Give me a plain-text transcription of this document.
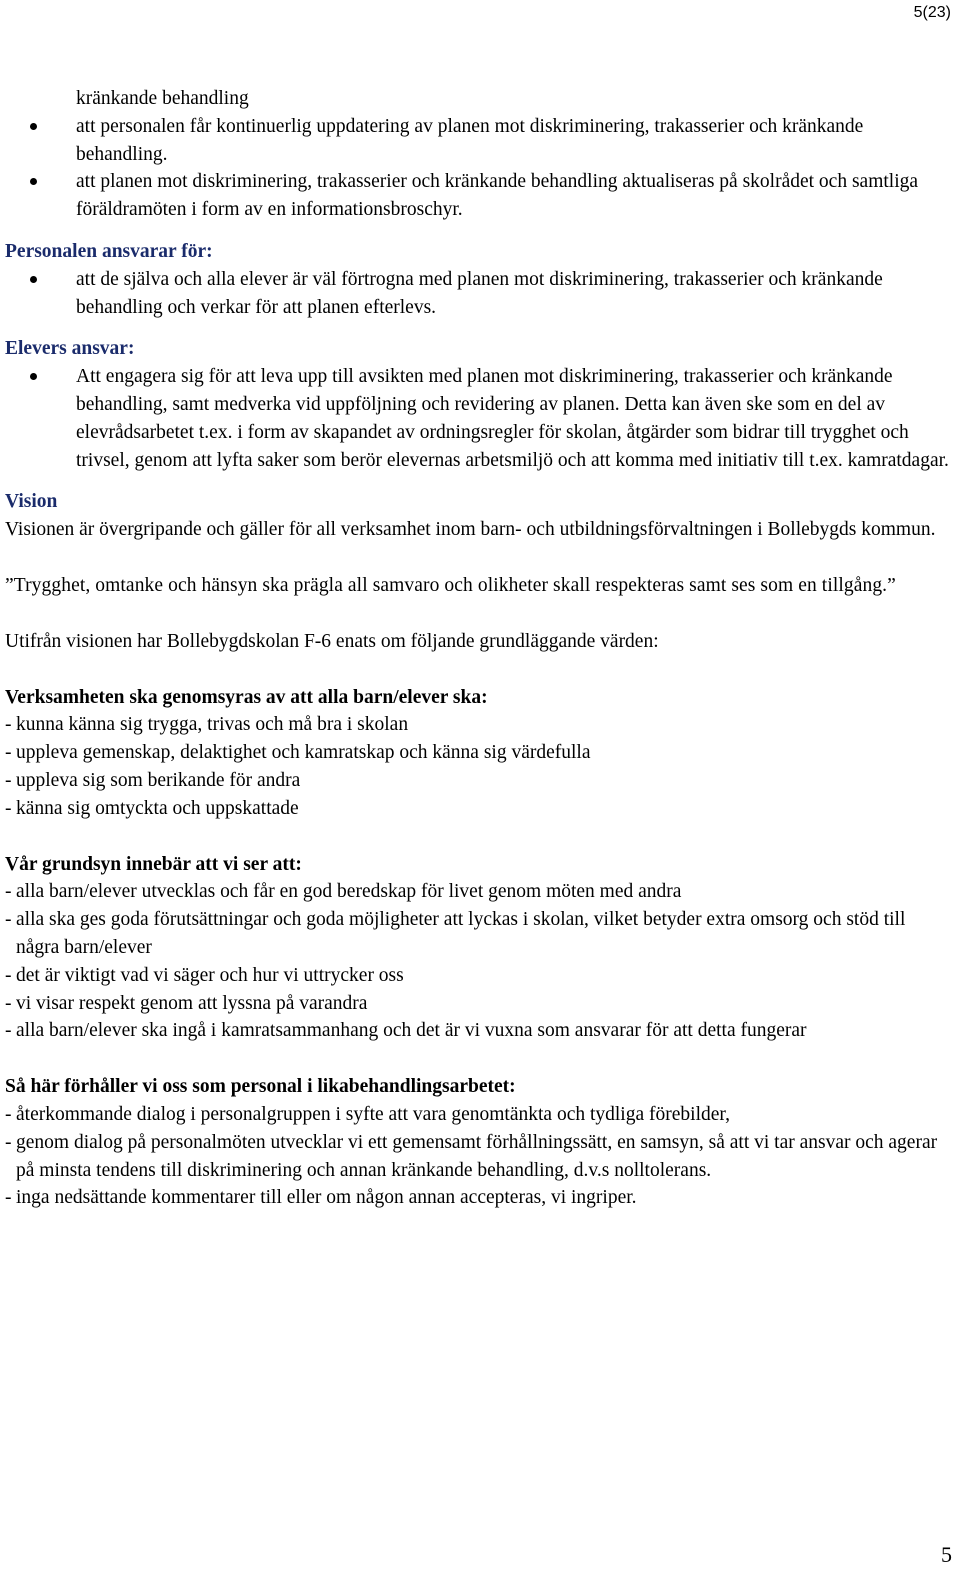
5(23)
kränkande behandling
att personalen får kontinuerlig uppdatering av planen mot diskriminering, trakasserier och kränkande behandling.
att planen mot diskriminering, trakasserier och kränkande behandling aktualiseras på skolrådet och samtliga föräldramöten i form av en informationsbroschyr.
Personalen ansvarar för:
att de själva och alla elever är väl förtrogna med planen mot diskriminering, trakasserier och kränkande behandling och verkar för att planen efterlevs.
Elevers ansvar:
Att engagera sig för att leva upp till avsikten med planen mot diskriminering, trakasserier och kränkande behandling, samt medverka vid uppföljning och revidering av planen. Detta kan även ske som en del av elevrådsarbetet t.ex. i form av skapandet av ordningsregler för skolan, åtgärder som bidrar till trygghet och trivsel, genom att lyfta saker som berör elevernas arbetsmiljö och att komma med initiativ till t.ex. kamratdagar.
Vision
Visionen är övergripande och gäller för all verksamhet inom barn- och utbildningsförvaltningen i Bollebygds kommun.
”Trygghet, omtanke och hänsyn ska prägla all samvaro och olikheter skall respekteras samt ses som en tillgång.”
Utifrån visionen har Bollebygdskolan F-6 enats om följande grundläggande värden:
Verksamheten ska genomsyras av att alla barn/elever ska:
- kunna känna sig trygga, trivas och må bra i skolan
- uppleva gemenskap, delaktighet och kamratskap och känna sig värdefulla
- uppleva sig som berikande för andra
- känna sig omtyckta och uppskattade
Vår grundsyn innebär att vi ser att:
- alla barn/elever utvecklas och får en god beredskap för livet genom möten med andra
- alla ska ges goda förutsättningar och goda möjligheter att lyckas i skolan, vilket betyder extra omsorg och stöd till några barn/elever
- det är viktigt vad vi säger och hur vi uttrycker oss
- vi visar respekt genom att lyssna på varandra
- alla barn/elever ska ingå i kamratsammanhang och det är vi vuxna som ansvarar för att detta fungerar
Så här förhåller vi oss som personal i likabehandlingsarbetet:
- återkommande dialog i personalgruppen i syfte att vara genomtänkta och tydliga förebilder,
- genom dialog på personalmöten utvecklar vi ett gemensamt förhållningssätt, en samsyn, så att vi tar ansvar och agerar på minsta tendens till diskriminering och annan kränkande behandling, d.v.s nolltolerans.
- inga nedsättande kommentarer till eller om någon annan accepteras, vi ingriper.
5
